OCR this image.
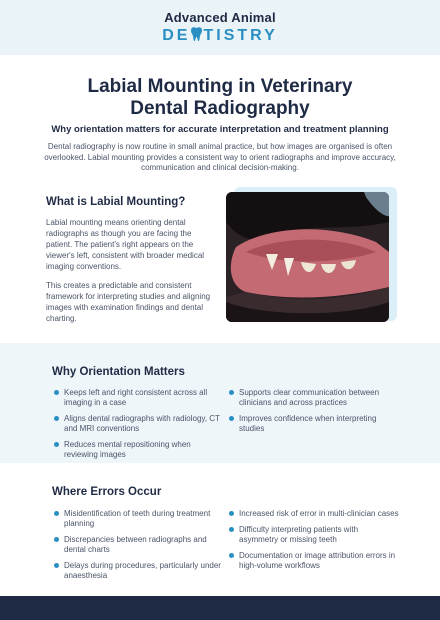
Advanced Animal
DE TISTRY
Labial Mounting in Veterinary
Dental Radiography
Why orientation matters for accurate interpretation and treatment planning
Dental radiography is now routine in small animal practice, but how images are organised is often overlooked. Labial mounting provides a consistent way to orient radiographs and improve accuracy, communication and clinical decision-making.
What is Labial Mounting?
Labial mounting means orienting dental radiographs as though you are facing the patient. The patient's right appears on the viewer's left, consistent with broader medical imaging conventions.
This creates a predictable and consistent framework for interpreting studies and aligning images with examination findings and dental charting.
Why Orientation Matters
Keeps left and right consistent across all imaging in a case
Aligns dental radiographs with radiology, CT and MRI conventions
Reduces mental repositioning when reviewing images
Supports clear communication between clinicians and across practices
Improves confidence when interpreting studies
Where Errors Occur
Misidentification of teeth during treatment planning
Discrepancies between radiographs and dental charts
Delays during procedures, particularly under anaesthesia
Increased risk of error in multi-clinician cases
Difficulty interpreting patients with asymmetry or missing teeth
Documentation or image attribution errors in high-volume workflows
